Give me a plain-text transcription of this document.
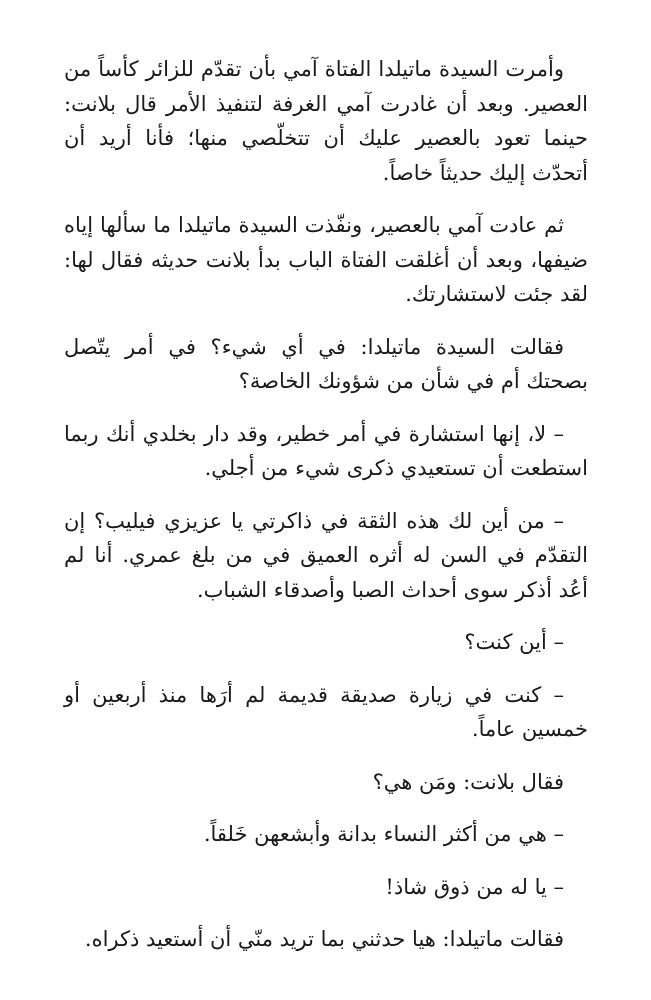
وأمرت السيدة ماتيلدا الفتاة آمي بأن تقدّم للزائر كأساً من العصير. وبعد أن غادرت آمي الغرفة لتنفيذ الأمر قال بلانت: حينما تعود بالعصير عليك أن تتخلّصي منها؛ فأنا أريد أن أتحدّث إليك حديثاً خاصاً.

ثم عادت آمي بالعصير، ونفّذت السيدة ماتيلدا ما سألها إياه ضيفها، وبعد أن أغلقت الفتاة الباب بدأ بلانت حديثه فقال لها: لقد جئت لاستشارتك.

فقالت السيدة ماتيلدا: في أي شيء؟ في أمر يتّصل بصحتك أم في شأن من شؤونك الخاصة؟

– لا، إنها استشارة في أمر خطير، وقد دار بخلدي أنك ربما استطعت أن تستعيدي ذكرى شيء من أجلي.

– من أين لك هذه الثقة في ذاكرتي يا عزيزي فيليب؟ إن التقدّم في السن له أثره العميق في من بلغ عمري. أنا لم أعُد أذكر سوى أحداث الصبا وأصدقاء الشباب.

– أين كنت؟

– كنت في زيارة صديقة قديمة لم أرَها منذ أربعين أو خمسين عاماً.

فقال بلانت: ومَن هي؟

– هي من أكثر النساء بدانة وأبشعهن خَلقاً.

– يا له من ذوق شاذ!

فقالت ماتيلدا: هيا حدثني بما تريد منّي أن أستعيد ذكراه.
